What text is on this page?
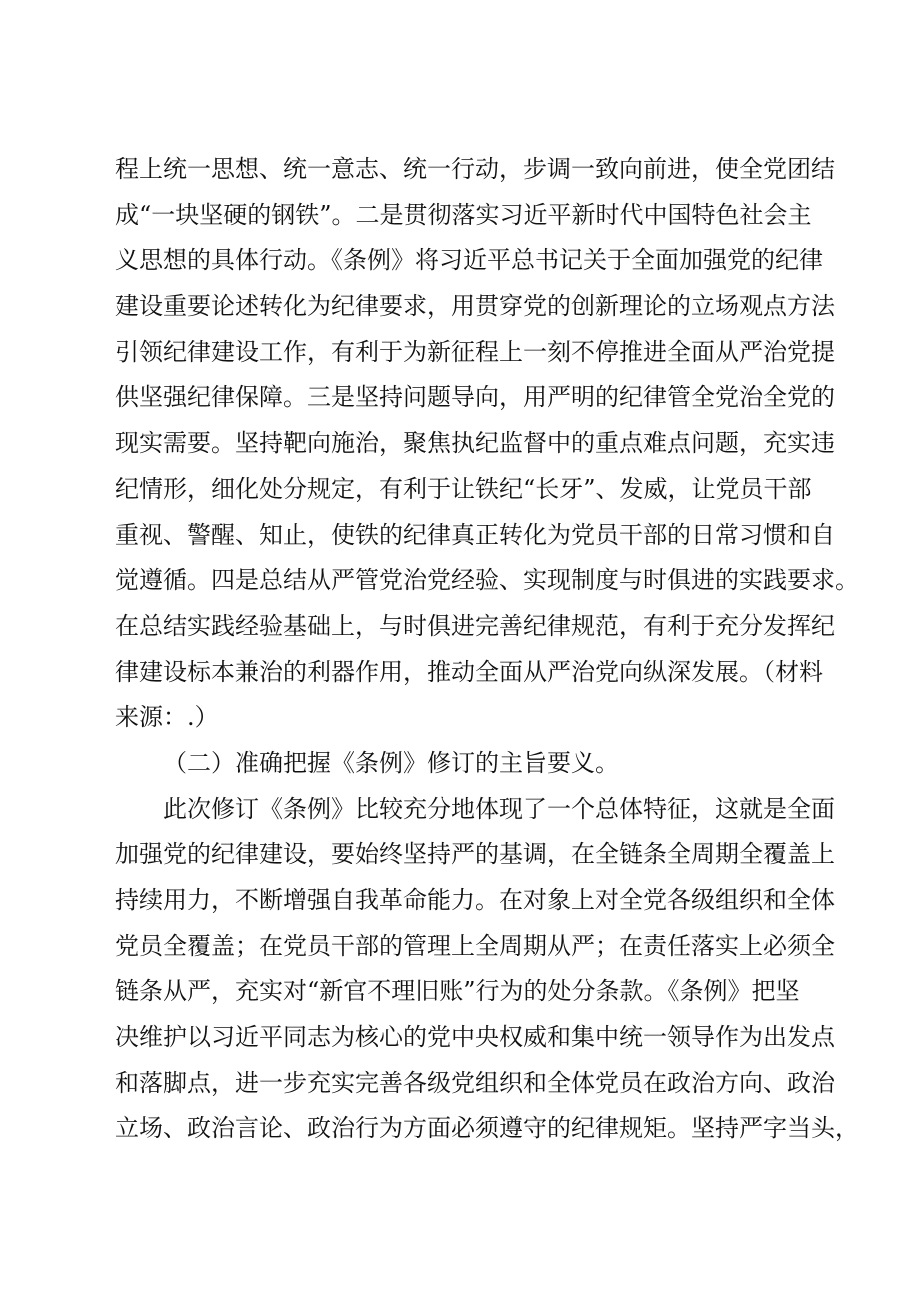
程上统一思想、统一意志、统一行动，步调一致向前进，使全党团结
成“一块坚硬的钢铁”。二是贯彻落实习近平新时代中国特色社会主
义思想的具体行动。《条例》将习近平总书记关于全面加强党的纪律
建设重要论述转化为纪律要求，用贯穿党的创新理论的立场观点方法
引领纪律建设工作，有利于为新征程上一刻不停推进全面从严治党提
供坚强纪律保障。三是坚持问题导向，用严明的纪律管全党治全党的
现实需要。坚持靶向施治，聚焦执纪监督中的重点难点问题，充实违
纪情形，细化处分规定，有利于让铁纪“长牙”、发威，让党员干部
重视、警醒、知止，使铁的纪律真正转化为党员干部的日常习惯和自
觉遵循。四是总结从严管党治党经验、实现制度与时俱进的实践要求。
在总结实践经验基础上，与时俱进完善纪律规范，有利于充分发挥纪
律建设标本兼治的利器作用，推动全面从严治党向纵深发展。（材料
来源：.）
（二）准确把握《条例》修订的主旨要义。
此次修订《条例》比较充分地体现了一个总体特征，这就是全面
加强党的纪律建设，要始终坚持严的基调，在全链条全周期全覆盖上
持续用力，不断增强自我革命能力。在对象上对全党各级组织和全体
党员全覆盖；在党员干部的管理上全周期从严；在责任落实上必须全
链条从严，充实对“新官不理旧账”行为的处分条款。《条例》把坚
决维护以习近平同志为核心的党中央权威和集中统一领导作为出发点
和落脚点，进一步充实完善各级党组织和全体党员在政治方向、政治
立场、政治言论、政治行为方面必须遵守的纪律规矩。坚持严字当头，
